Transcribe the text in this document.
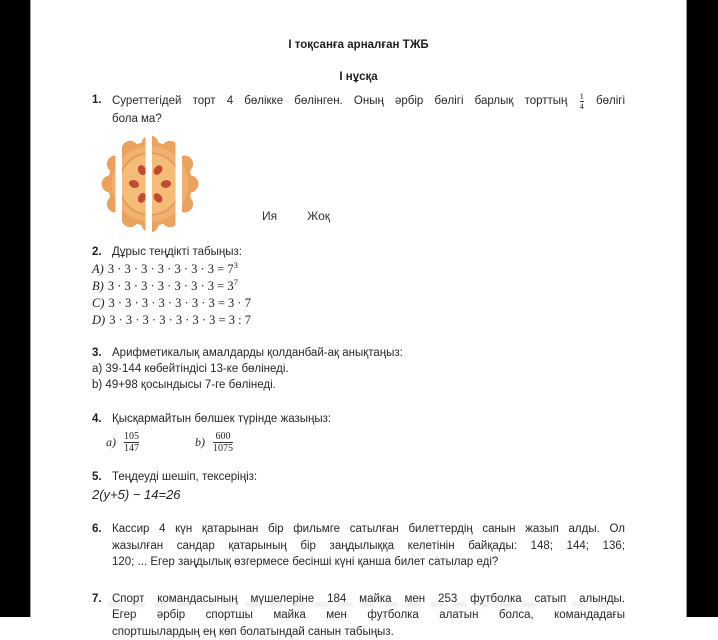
І тоқсанға арналған ТЖБ
І нұсқа
1. Суреттегідей торт 4 бөлікке бөлінген. Оның әрбір бөлігі барлық торттың $\frac{1}{4}$ бөлігі
бола ма?
Ия	Жоқ
2. Дұрыс теңдікті табыңыз:
A) $3 \cdot 3 \cdot 3 \cdot 3 \cdot 3 \cdot 3 \cdot 3 = 7^3$
B) $3 \cdot 3 \cdot 3 \cdot 3 \cdot 3 \cdot 3 \cdot 3 = 3^7$
C) 3 · 3 · 3 · 3 · 3 · 3 · 3 = 3 · 7
D) 3 · 3 · 3 · 3 · 3 · 3 · 3 = 3 : 7
3. Арифметикалық амалдарды қолданбай-ақ анықтаңыз:
a) 39·144 көбейтіндісі 13-ке бөлінеді.
b) 49+98 қосындысы 7-ге бөлінеді.
4. Қысқармайтын бөлшек түрінде жазыңыз:
$a) \frac{105}{147}$	$b) \frac{600}{1075}$
5. Теңдеуді шешіп, тексеріңіз:
2(y+5) − 14=26
6. Кассир 4 күн қатарынан бір фильмге сатылған билеттердің санын жазып алды. Ол
жазылған сандар қатарының бір заңдылыққа келетінін байқады: 148; 144; 136;
120; ... Егер заңдылық өзгермесе бесінші күні қанша билет сатылар еді?
7. Спорт командасының мүшелеріне 184 майка мен 253 футболка сатып алынды.
Егер әрбір спортшы майка мен футболка алатын болса, командадағы
спортшылардың ең көп болатындай санын табыңыз.
